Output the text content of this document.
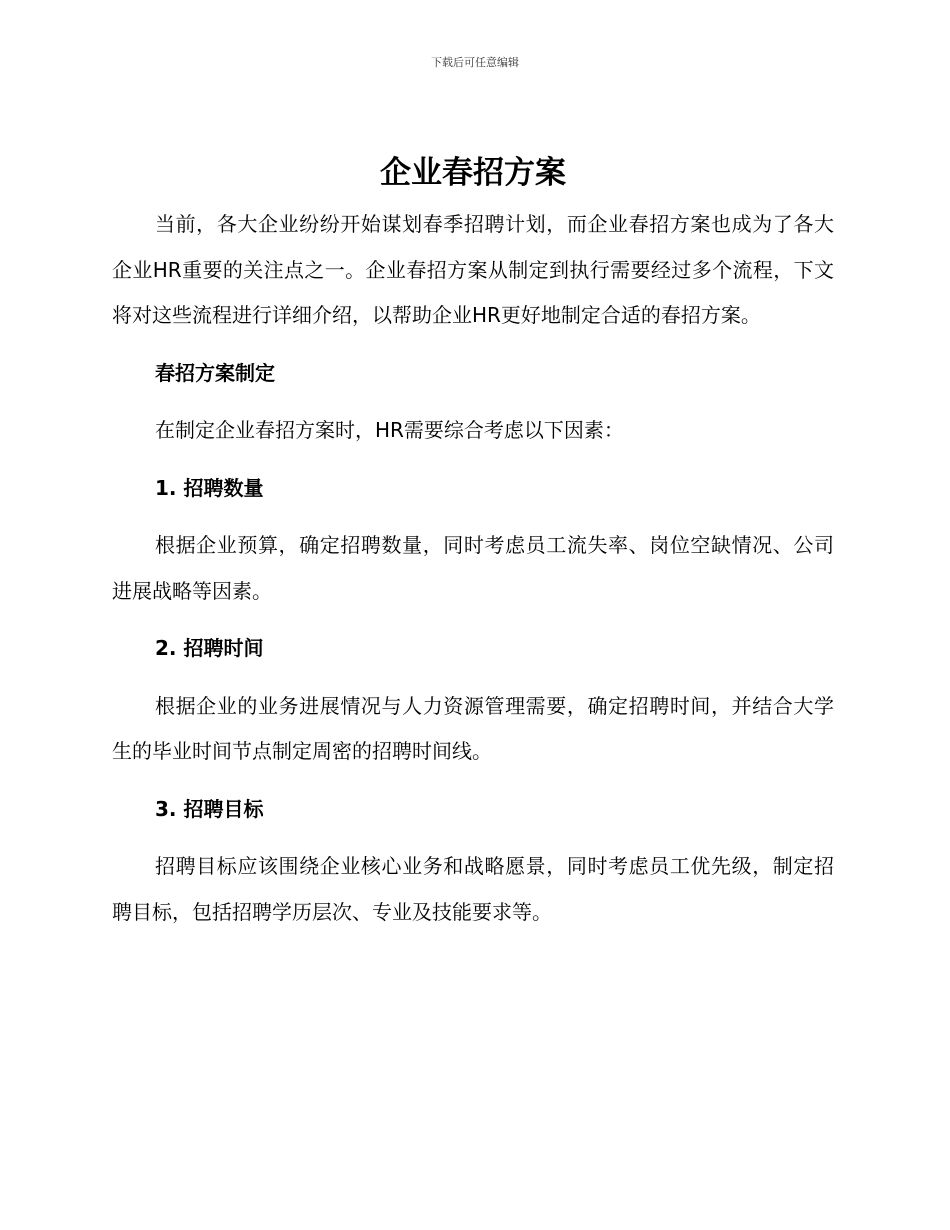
下载后可任意编辑
企业春招方案

当前，各大企业纷纷开始谋划春季招聘计划，而企业春招方案也成为了各大企业HR重要的关注点之一。企业春招方案从制定到执行需要经过多个流程，下文将对这些流程进行详细介绍，以帮助企业HR更好地制定合适的春招方案。

春招方案制定

在制定企业春招方案时，HR需要综合考虑以下因素：

1. 招聘数量

根据企业预算，确定招聘数量，同时考虑员工流失率、岗位空缺情况、公司进展战略等因素。

2. 招聘时间

根据企业的业务进展情况与人力资源管理需要，确定招聘时间，并结合大学生的毕业时间节点制定周密的招聘时间线。

3. 招聘目标

招聘目标应该围绕企业核心业务和战略愿景，同时考虑员工优先级，制定招聘目标，包括招聘学历层次、专业及技能要求等。
